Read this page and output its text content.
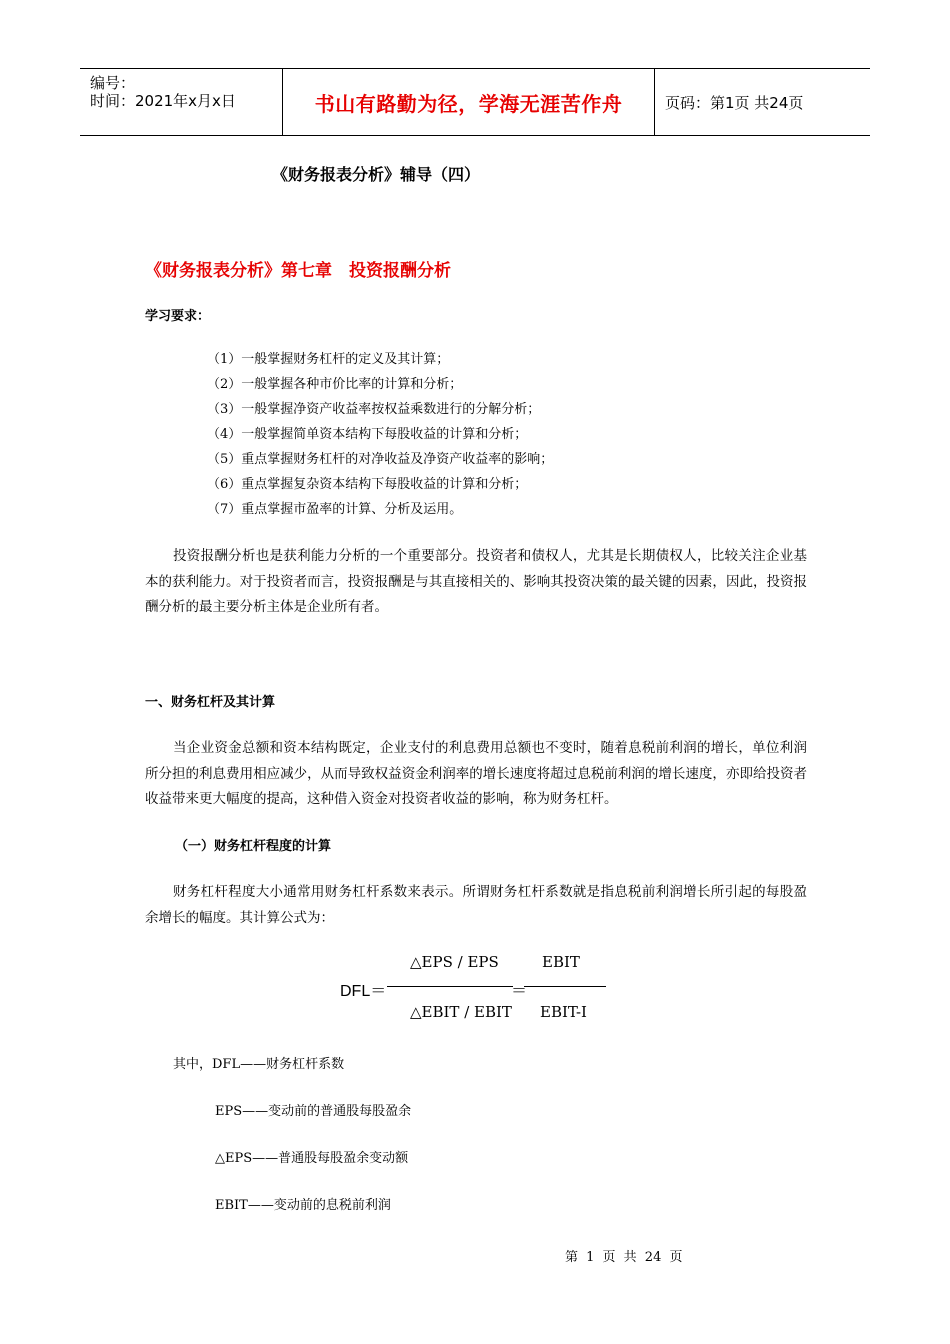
编号：
时间：2021年x月x日	书山有路勤为径，学海无涯苦作舟	页码：第1页 共24页
《财务报表分析》辅导（四）
《财务报表分析》第七章　投资报酬分析
学习要求：
（1）一般掌握财务杠杆的定义及其计算；
（2）一般掌握各种市价比率的计算和分析；
（3）一般掌握净资产收益率按权益乘数进行的分解分析；
（4）一般掌握简单资本结构下每股收益的计算和分析；
（5）重点掌握财务杠杆的对净收益及净资产收益率的影响；
（6）重点掌握复杂资本结构下每股收益的计算和分析；
（7）重点掌握市盈率的计算、分析及运用。

投资报酬分析也是获利能力分析的一个重要部分。投资者和债权人，尤其是长期债权人，比较关注企业基本的获利能力。对于投资者而言，投资报酬是与其直接相关的、影响其投资决策的最关键的因素，因此，投资报酬分析的最主要分析主体是企业所有者。

一、财务杠杆及其计算

当企业资金总额和资本结构既定，企业支付的利息费用总额也不变时，随着息税前利润的增长，单位利润所分担的利息费用相应减少，从而导致权益资金利润率的增长速度将超过息税前利润的增长速度，亦即给投资者收益带来更大幅度的提高，这种借入资金对投资者收益的影响，称为财务杠杆。

（一）财务杠杆程度的计算

财务杠杆程度大小通常用财务杠杆系数来表示。所谓财务杠杆系数就是指息税前利润增长所引起的每股盈余增长的幅度。其计算公式为：

DFL＝
△EPS / EPS
△EBIT / EBIT
＝
EBIT
EBIT-I
其中，DFL——财务杠杆系数
EPS——变动前的普通股每股盈余
△EPS——普通股每股盈余变动额
EBIT——变动前的息税前利润
第 1 页 共 24 页
